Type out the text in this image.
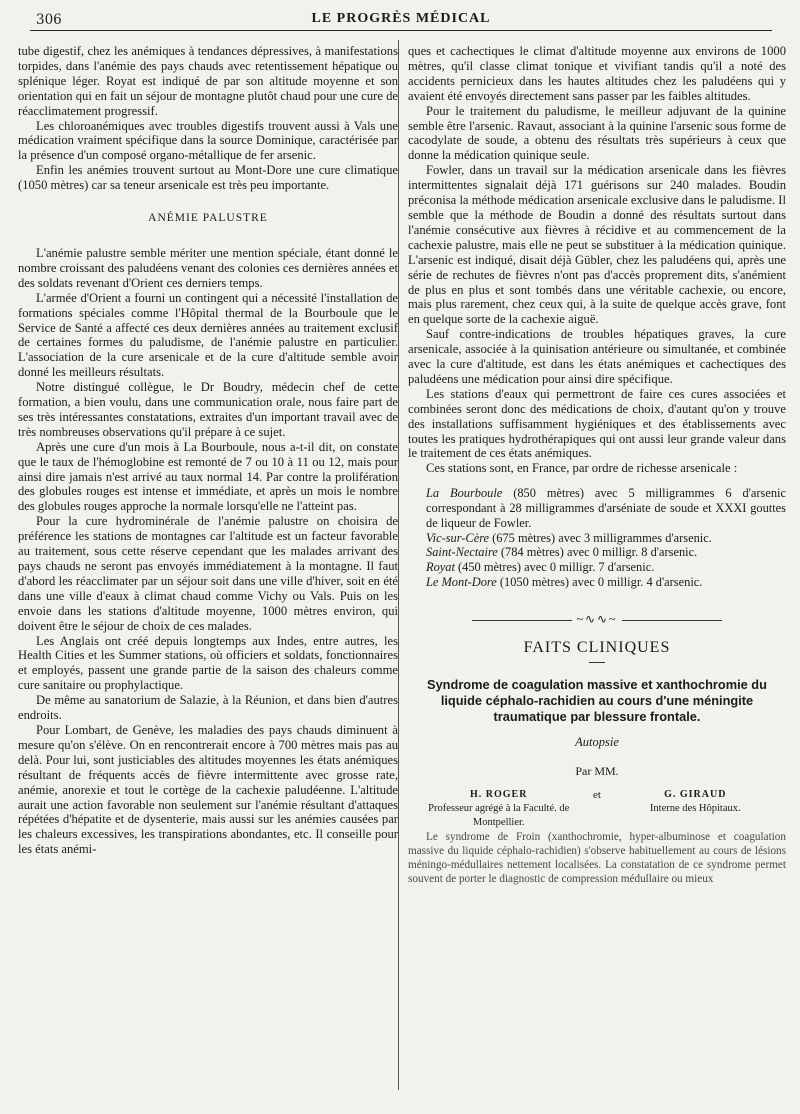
306	LE PROGRÈS MÉDICAL

tube digestif, chez les anémiques à tendances dépressives, à manifestations torpides, dans l'anémie des pays chauds avec retentissement hépatique ou splénique léger. Royat est indiqué de par son altitude moyenne et son orientation qui en fait un séjour de montagne plutôt chaud pour une cure de réacclimatement progressif.

Les chloroanémiques avec troubles digestifs trouvent aussi à Vals une médication vraiment spécifique dans la source Dominique, caractérisée par la présence d'un composé organo-métallique de fer arsenic.

Enfin les anémies trouvent surtout au Mont-Dore une cure climatique (1050 mètres) car sa teneur arsenicale est très peu importante.

ANÉMIE PALUSTRE

L'anémie palustre semble mériter une mention spéciale, étant donné le nombre croissant des paludéens venant des colonies ces dernières années et des soldats revenant d'Orient ces derniers temps.

L'armée d'Orient a fourni un contingent qui a nécessité l'installation de formations spéciales comme l'Hôpital thermal de la Bourboule que le Service de Santé a affecté ces deux dernières années au traitement exclusif de certaines formes du paludisme, de l'anémie palustre en particulier. L'association de la cure arsenicale et de la cure d'altitude semble avoir donné les meilleurs résultats.

Notre distingué collègue, le Dr Boudry, médecin chef de cette formation, a bien voulu, dans une communication orale, nous faire part de ses très intéressantes constatations, extraites d'un important travail avec de très nombreuses observations qu'il prépare à ce sujet.

Après une cure d'un mois à La Bourboule, nous a-t-il dit, on constate que le taux de l'hémoglobine est remonté de 7 ou 10 à 11 ou 12, mais pour ainsi dire jamais n'est arrivé au taux normal 14. Par contre la prolifération des globules rouges est intense et immédiate, et après un mois le nombre des globules rouges approche la normale lorsqu'elle ne l'atteint pas.

Pour la cure hydrominérale de l'anémie palustre on choisira de préférence les stations de montagnes car l'altitude est un facteur favorable au traitement, sous cette réserve cependant que les malades arrivant des pays chauds ne seront pas envoyés immédiatement à la montagne. Il faut d'abord les réacclimater par un séjour soit dans une ville d'hiver, soit en été dans une ville d'eaux à climat chaud comme Vichy ou Vals. Puis on les envoie dans les stations d'altitude moyenne, 1000 mètres environ, qui doivent être le séjour de choix de ces malades.

Les Anglais ont créé depuis longtemps aux Indes, entre autres, les Health Cities et les Summer stations, où officiers et soldats, fonctionnaires et employés, passent une grande partie de la saison des chaleurs comme cure sanitaire ou prophylactique.

De même au sanatorium de Salazie, à la Réunion, et dans bien d'autres endroits.

Pour Lombart, de Genève, les maladies des pays chauds diminuent à mesure qu'on s'élève. On en rencontrerait encore à 700 mètres mais pas au delà. Pour lui, sont justiciables des altitudes moyennes les états anémiques résultant de fréquents accès de fièvre intermittente avec grosse rate, anémie, anorexie et tout le cortège de la cachexie paludéenne. L'altitude aurait une action favorable non seulement sur l'anémie résultant d'attaques répétées d'hépatite et de dysenterie, mais aussi sur les anémies causées par les chaleurs excessives, les transpirations abondantes, etc. Il conseille pour les états anémi-

ques et cachectiques le climat d'altitude moyenne aux environs de 1000 mètres, qu'il classe climat tonique et vivifiant tandis qu'il a noté des accidents pernicieux dans les hautes altitudes chez les paludéens qui y avaient été envoyés directement sans passer par les faibles altitudes.

Pour le traitement du paludisme, le meilleur adjuvant de la quinine semble être l'arsenic. Ravaut, associant à la quinine l'arsenic sous forme de cacodylate de soude, a obtenu des résultats très supérieurs à ceux que donne la médication quinique seule.

Fowler, dans un travail sur la médication arsenicale dans les fièvres intermittentes signalait déjà 171 guérisons sur 240 malades. Boudin préconisa la méthode médication arsenicale exclusive dans le paludisme. Il semble que la méthode de Boudin a donné des résultats surtout dans l'anémie consécutive aux fièvres à récidive et au commencement de la cachexie palustre, mais elle ne peut se substituer à la médication quinique. L'arsenic est indiqué, disait déjà Gübler, chez les paludéens qui, après une série de rechutes de fièvres n'ont pas d'accès proprement dits, s'anémient de plus en plus et sont tombés dans une véritable cachexie, ou encore, mais plus rarement, chez ceux qui, à la suite de quelque accès grave, font en quelque sorte de la cachexie aiguë.

Sauf contre-indications de troubles hépatiques graves, la cure arsenicale, associée à la quinisation antérieure ou simultanée, et combinée avec la cure d'altitude, est dans les états anémiques et cachectiques des paludéens une médication pour ainsi dire spécifique.

Les stations d'eaux qui permettront de faire ces cures associées et combinées seront donc des médications de choix, d'autant qu'on y trouve des installations suffisamment hygiéniques et des établissements avec toutes les pratiques hydrothérapiques qui ont aussi leur grande valeur dans le traitement de ces états anémiques.

Ces stations sont, en France, par ordre de richesse arsenicale :

La Bourboule (850 mètres) avec 5 milligrammes 6 d'arsenic correspondant à 28 milligrammes d'arséniate de soude et XXXI gouttes de liqueur de Fowler.
Vic-sur-Cère (675 mètres) avec 3 milligrammes d'arsenic.
Saint-Nectaire (784 mètres) avec 0 milligr. 8 d'arsenic.
Royat (450 mètres) avec 0 milligr. 7 d'arsenic.
Le Mont-Dore (1050 mètres) avec 0 milligr. 4 d'arsenic.
~∿∿~
FAITS CLINIQUES
Syndrome de coagulation massive et xanthochromie du liquide céphalo-rachidien au cours d'une méningite traumatique par blessure frontale.
Autopsie
Par MM.
H. ROGER
Professeur agrégé à la Faculté. de Montpellier.
et	G. GIRAUD
Interne des Hôpitaux.

Le syndrome de Froin (xanthochromie, hyper-albuminose et coagulation massive du liquide céphalo-rachidien) s'observe habituellement au cours de lésions méningo-médullaires nettement localisées. La constatation de ce syndrome permet souvent de porter le diagnostic de compression médullaire ou mieux
